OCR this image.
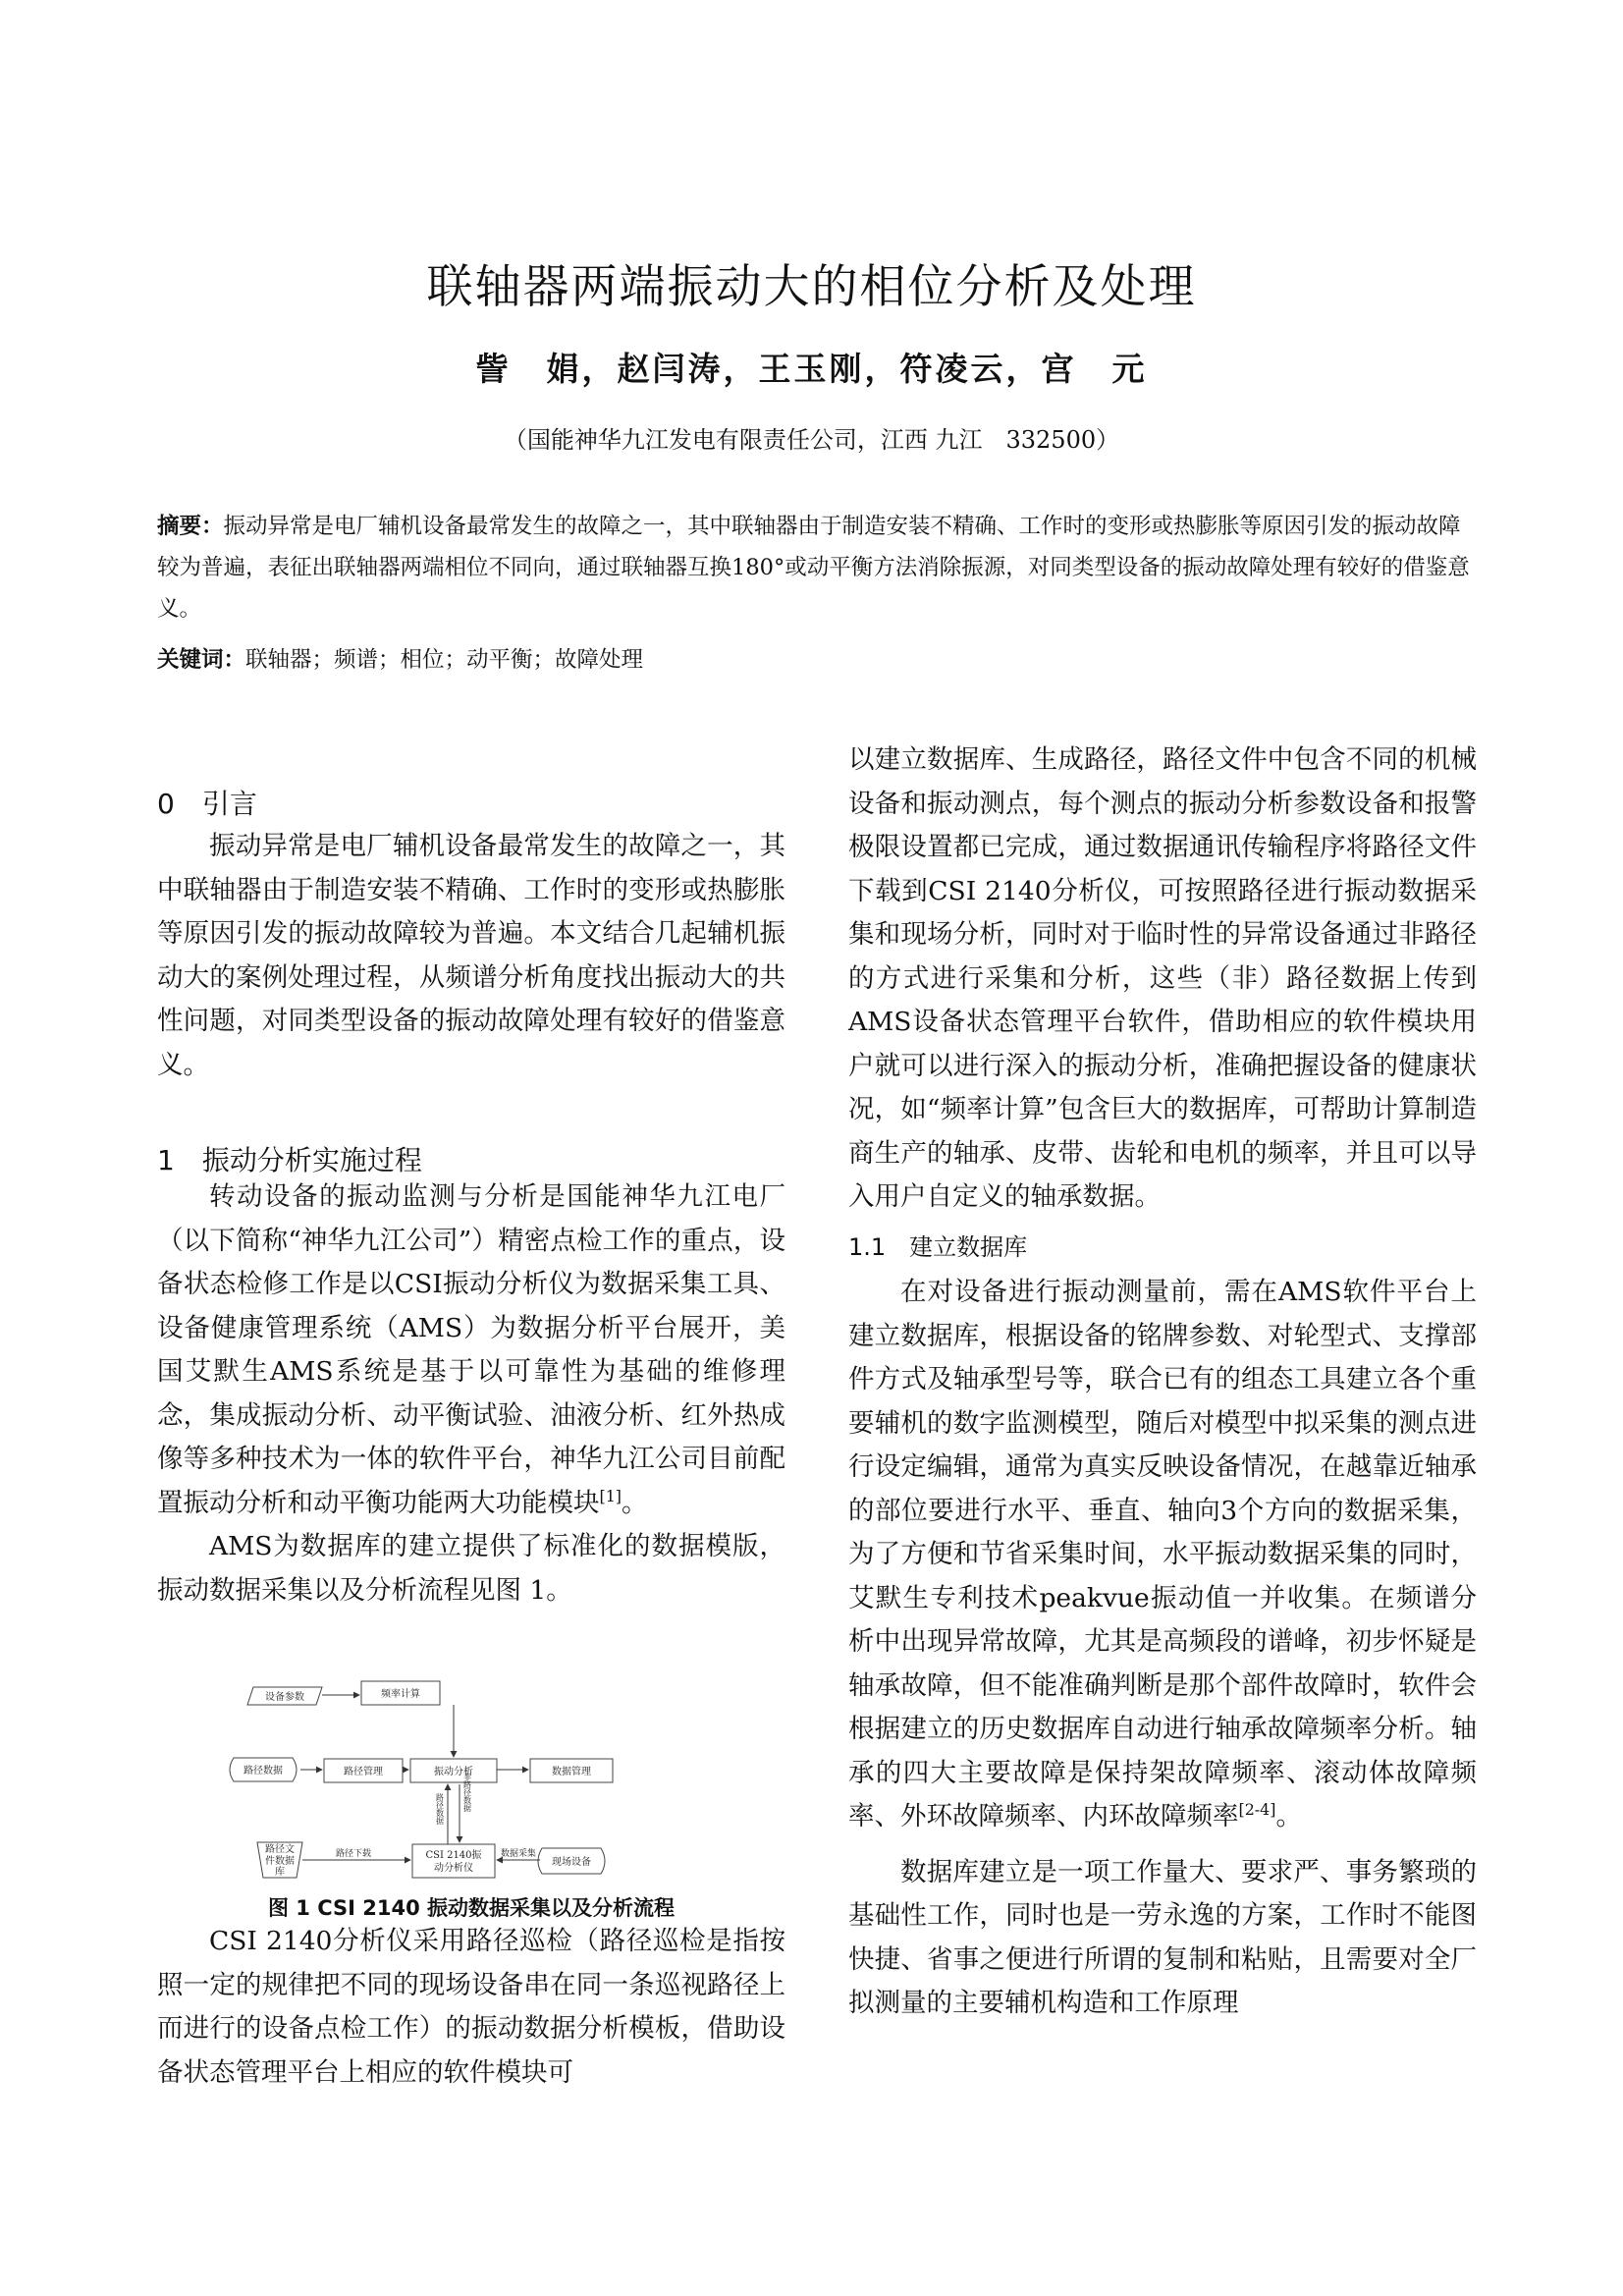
联轴器两端振动大的相位分析及处理
訾　娟，赵闫涛，王玉刚，符凌云，宫　元
（国能神华九江发电有限责任公司，江西 九江　332500）
摘要：振动异常是电厂辅机设备最常发生的故障之一，其中联轴器由于制造安装不精确、工作时的变形或热膨胀等原因引发的振动故障较为普遍，表征出联轴器两端相位不同向，通过联轴器互换180°或动平衡方法消除振源，对同类型设备的振动故障处理有较好的借鉴意义。
关键词：联轴器；频谱；相位；动平衡；故障处理
0　引言

振动异常是电厂辅机设备最常发生的故障之一，其中联轴器由于制造安装不精确、工作时的变形或热膨胀等原因引发的振动故障较为普遍。本文结合几起辅机振动大的案例处理过程，从频谱分析角度找出振动大的共性问题，对同类型设备的振动故障处理有较好的借鉴意义。

1　振动分析实施过程

转动设备的振动监测与分析是国能神华九江电厂（以下简称“神华九江公司”）精密点检工作的重点，设备状态检修工作是以CSI振动分析仪为数据采集工具、设备健康管理系统（AMS）为数据分析平台展开，美国艾默生AMS系统是基于以可靠性为基础的维修理念，集成振动分析、动平衡试验、油液分析、红外热成像等多种技术为一体的软件平台，神华九江公司目前配置振动分析和动平衡功能两大功能模块[1]。

AMS为数据库的建立提供了标准化的数据模版，振动数据采集以及分析流程见图 1。

设备参数	频率计算
路径数据	路径管理	振动分析	数据管理
路径文
件数据
库
CSI 2140振
动分析仪
现场设备
路径下载	数据采集
路径数据 非路径数据
图 1 CSI 2140 振动数据采集以及分析流程

CSI 2140分析仪采用路径巡检（路径巡检是指按照一定的规律把不同的现场设备串在同一条巡视路径上而进行的设备点检工作）的振动数据分析模板，借助设备状态管理平台上相应的软件模块可

以建立数据库、生成路径，路径文件中包含不同的机械设备和振动测点，每个测点的振动分析参数设备和报警极限设置都已完成，通过数据通讯传输程序将路径文件下载到CSI 2140分析仪，可按照路径进行振动数据采集和现场分析，同时对于临时性的异常设备通过非路径的方式进行采集和分析，这些（非）路径数据上传到AMS设备状态管理平台软件，借助相应的软件模块用户就可以进行深入的振动分析，准确把握设备的健康状况，如“频率计算”包含巨大的数据库，可帮助计算制造商生产的轴承、皮带、齿轮和电机的频率，并且可以导入用户自定义的轴承数据。

1.1　建立数据库

在对设备进行振动测量前，需在AMS软件平台上建立数据库，根据设备的铭牌参数、对轮型式、支撑部件方式及轴承型号等，联合已有的组态工具建立各个重要辅机的数字监测模型，随后对模型中拟采集的测点进行设定编辑，通常为真实反映设备情况，在越靠近轴承的部位要进行水平、垂直、轴向3个方向的数据采集，为了方便和节省采集时间，水平振动数据采集的同时，艾默生专利技术peakvue振动值一并收集。在频谱分析中出现异常故障，尤其是高频段的谱峰，初步怀疑是轴承故障，但不能准确判断是那个部件故障时，软件会根据建立的历史数据库自动进行轴承故障频率分析。轴承的四大主要故障是保持架故障频率、滚动体故障频率、外环故障频率、内环故障频率[2-4]。

数据库建立是一项工作量大、要求严、事务繁琐的基础性工作，同时也是一劳永逸的方案，工作时不能图快捷、省事之便进行所谓的复制和粘贴，且需要对全厂拟测量的主要辅机构造和工作原理
